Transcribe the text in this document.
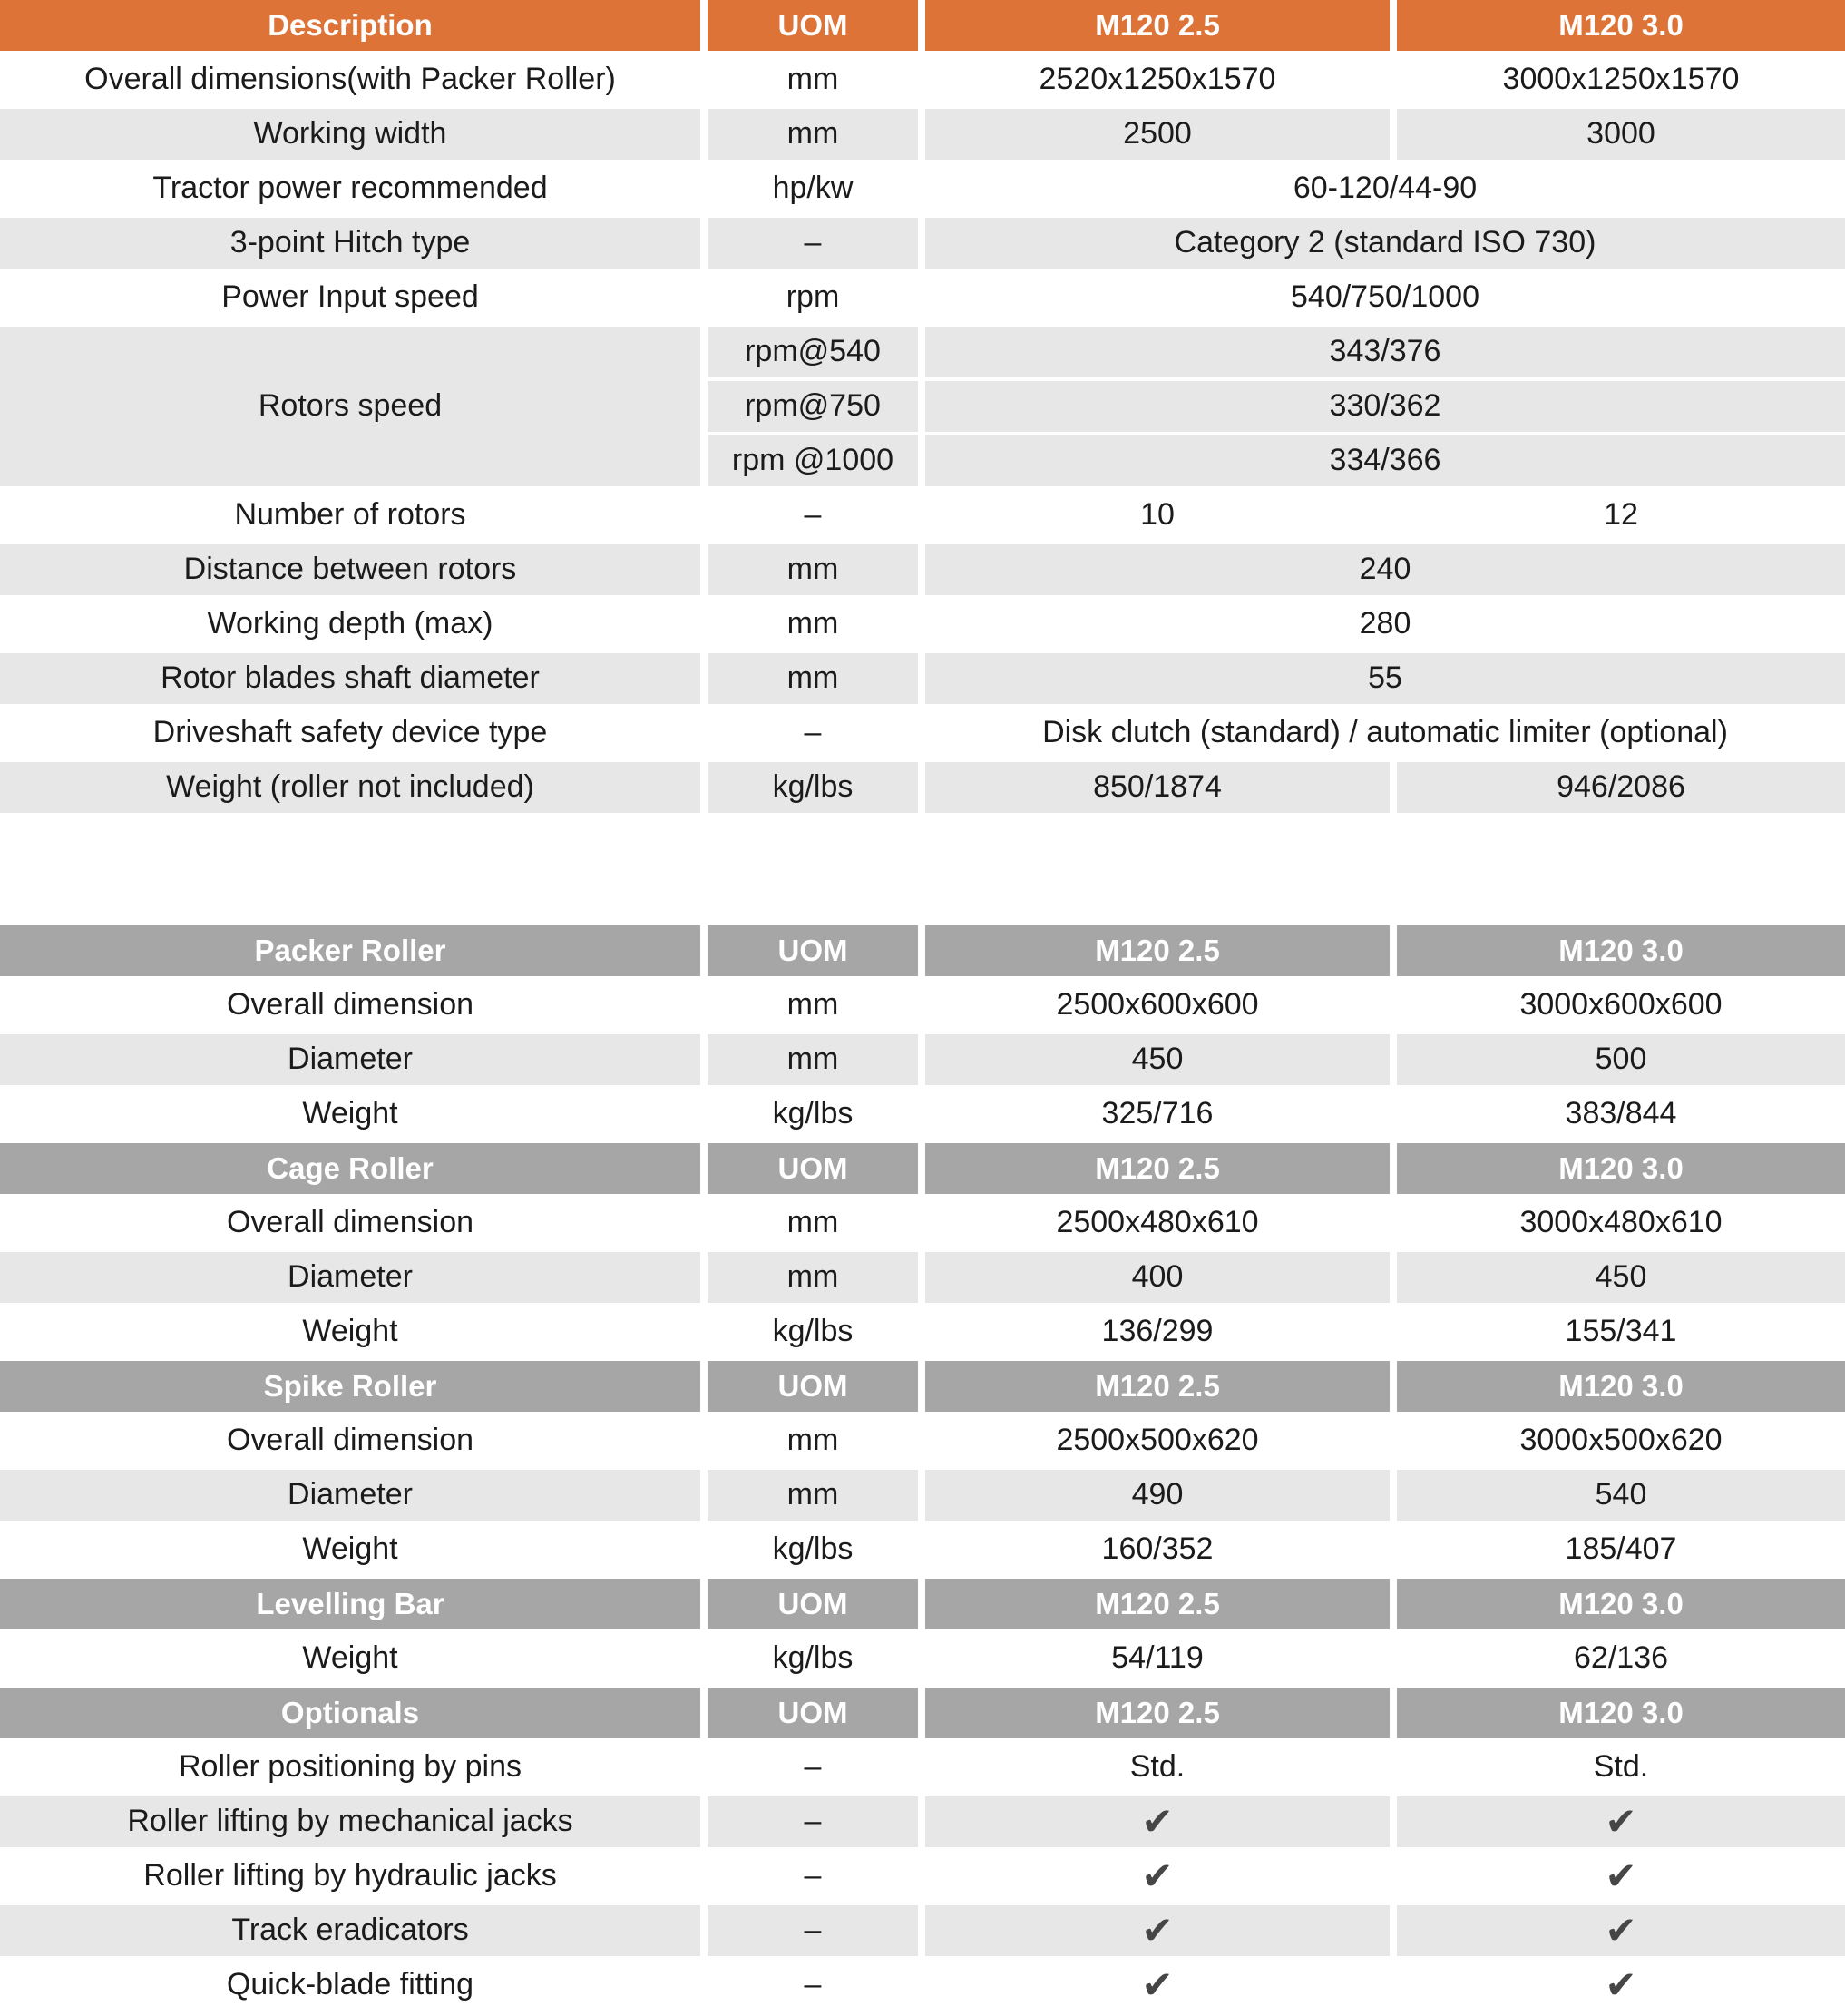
Description	UOM	M120 2.5	M120 3.0
Overall dimensions(with Packer Roller)	mm	2520x1250x1570	3000x1250x1570
Working width	mm	2500	3000
Tractor power recommended	hp/kw	60-120/44-90
3-point Hitch type	–	Category 2 (standard ISO 730)
Power Input speed	rpm	540/750/1000
Rotors speed
rpm@540	343/376
rpm@750	330/362
rpm @1000	334/366
Number of rotors	–	10	12
Distance between rotors	mm	240
Working depth (max)	mm	280
Rotor blades shaft diameter	mm	55
Driveshaft safety device type	–	Disk clutch (standard) / automatic limiter (optional)
Weight (roller not included)	kg/lbs	850/1874	946/2086
Packer Roller	UOM	M120 2.5	M120 3.0
Overall dimension	mm	2500x600x600	3000x600x600
Diameter	mm	450	500
Weight	kg/lbs	325/716	383/844
Cage Roller	UOM	M120 2.5	M120 3.0
Overall dimension	mm	2500x480x610	3000x480x610
Diameter	mm	400	450
Weight	kg/lbs	136/299	155/341
Spike Roller	UOM	M120 2.5	M120 3.0
Overall dimension	mm	2500x500x620	3000x500x620
Diameter	mm	490	540
Weight	kg/lbs	160/352	185/407
Levelling Bar	UOM	M120 2.5	M120 3.0
Weight	kg/lbs	54/119	62/136
Optionals	UOM	M120 2.5	M120 3.0
Roller positioning by pins	–	Std.	Std.
Roller lifting by mechanical jacks	–	✔	✔
Roller lifting by hydraulic jacks	–	✔	✔
Track eradicators	–	✔	✔
Quick-blade fitting	–	✔	✔
